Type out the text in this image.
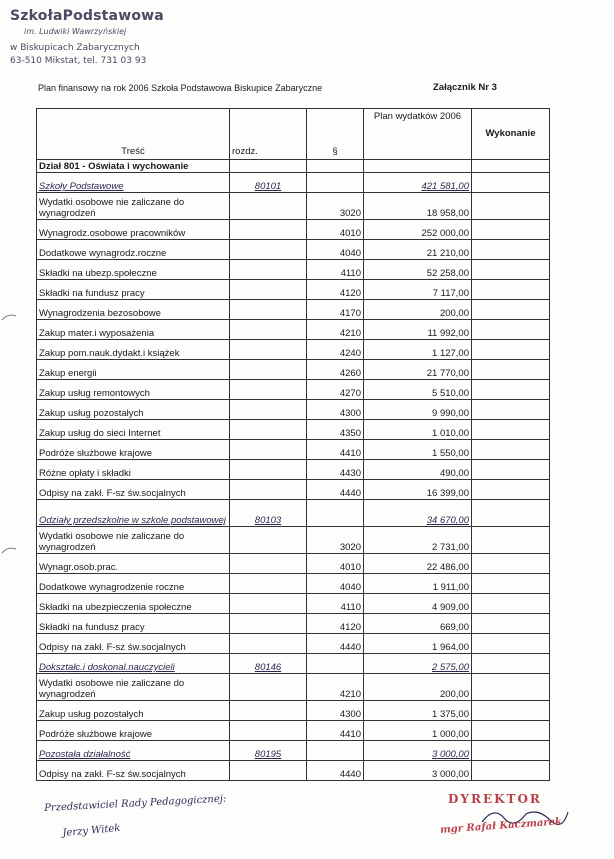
SzkołaPodstawowa
im. Ludwiki Wawrzyńskiej
w Biskupicach Zabarycznych
63-510 Mikstat, tel. 731 03 93
Plan finansowy na rok 2006 Szkoła Podstawowa Biskupice Zabaryczne	Załącznik Nr 3
Treść	rozdz.	§	Plan wydatków 2006	Wykonanie
Dział 801 - Oświata i wychowanie				
Szkoły Podstawowe	80101		421 581,00	
Wydatki osobowe nie zaliczane do wynagrodzeń		3020	18 958,00	
Wynagrodz.osobowe pracowników		4010	252 000,00	
Dodatkowe wynagrodz.roczne		4040	21 210,00	
Składki na ubezp.społeczne		4110	52 258,00	
Składki na fundusz pracy		4120	7 117,00	
Wynagrodzenia bezosobowe		4170	200,00	
Zakup mater.i wyposażenia		4210	11 992,00	
Zakup pom.nauk.dydakt.i książek		4240	1 127,00	
Zakup energii		4260	21 770,00	
Zakup usług remontowych		4270	5 510,00	
Zakup usług pozostałych		4300	9 990,00	
Zakup usług do sieci Internet		4350	1 010,00	
Podróże służbowe krajowe		4410	1 550,00	
Różne opłaty i składki		4430	490,00	
Odpisy na zakł. F-sz św.socjalnych		4440	16 399,00	
Odziały przedszkolne w szkole podstawowej	80103		34 670,00	
Wydatki osobowe nie zaliczane do wynagrodzeń		3020	2 731,00	
Wynagr.osob.prac.		4010	22 486,00	
Dodatkowe wynagrodzenie roczne		4040	1 911,00	
Składki na ubezpieczenia społeczne		4110	4 909,00	
Składki na fundusz pracy		4120	669,00	
Odpisy na zakł. F-sz św.socjalnych		4440	1 964,00	
Dokształc.i doskonal.nauczycieli	80146		2 575,00	
Wydatki osobowe nie zaliczane do wynagrodzeń		4210	200,00	
Zakup usług pozostałych		4300	1 375,00	
Podróże służbowe krajowe		4410	1 000,00	
Pozostała działalność	80195		3 000,00	
Odpisy na zakł. F-sz św.socjalnych		4440	3 000,00	
Przedstawiciel Rady Pedagogicznej:
Jerzy Witek
DYREKTOR
mgr Rafał Kaczmarek
